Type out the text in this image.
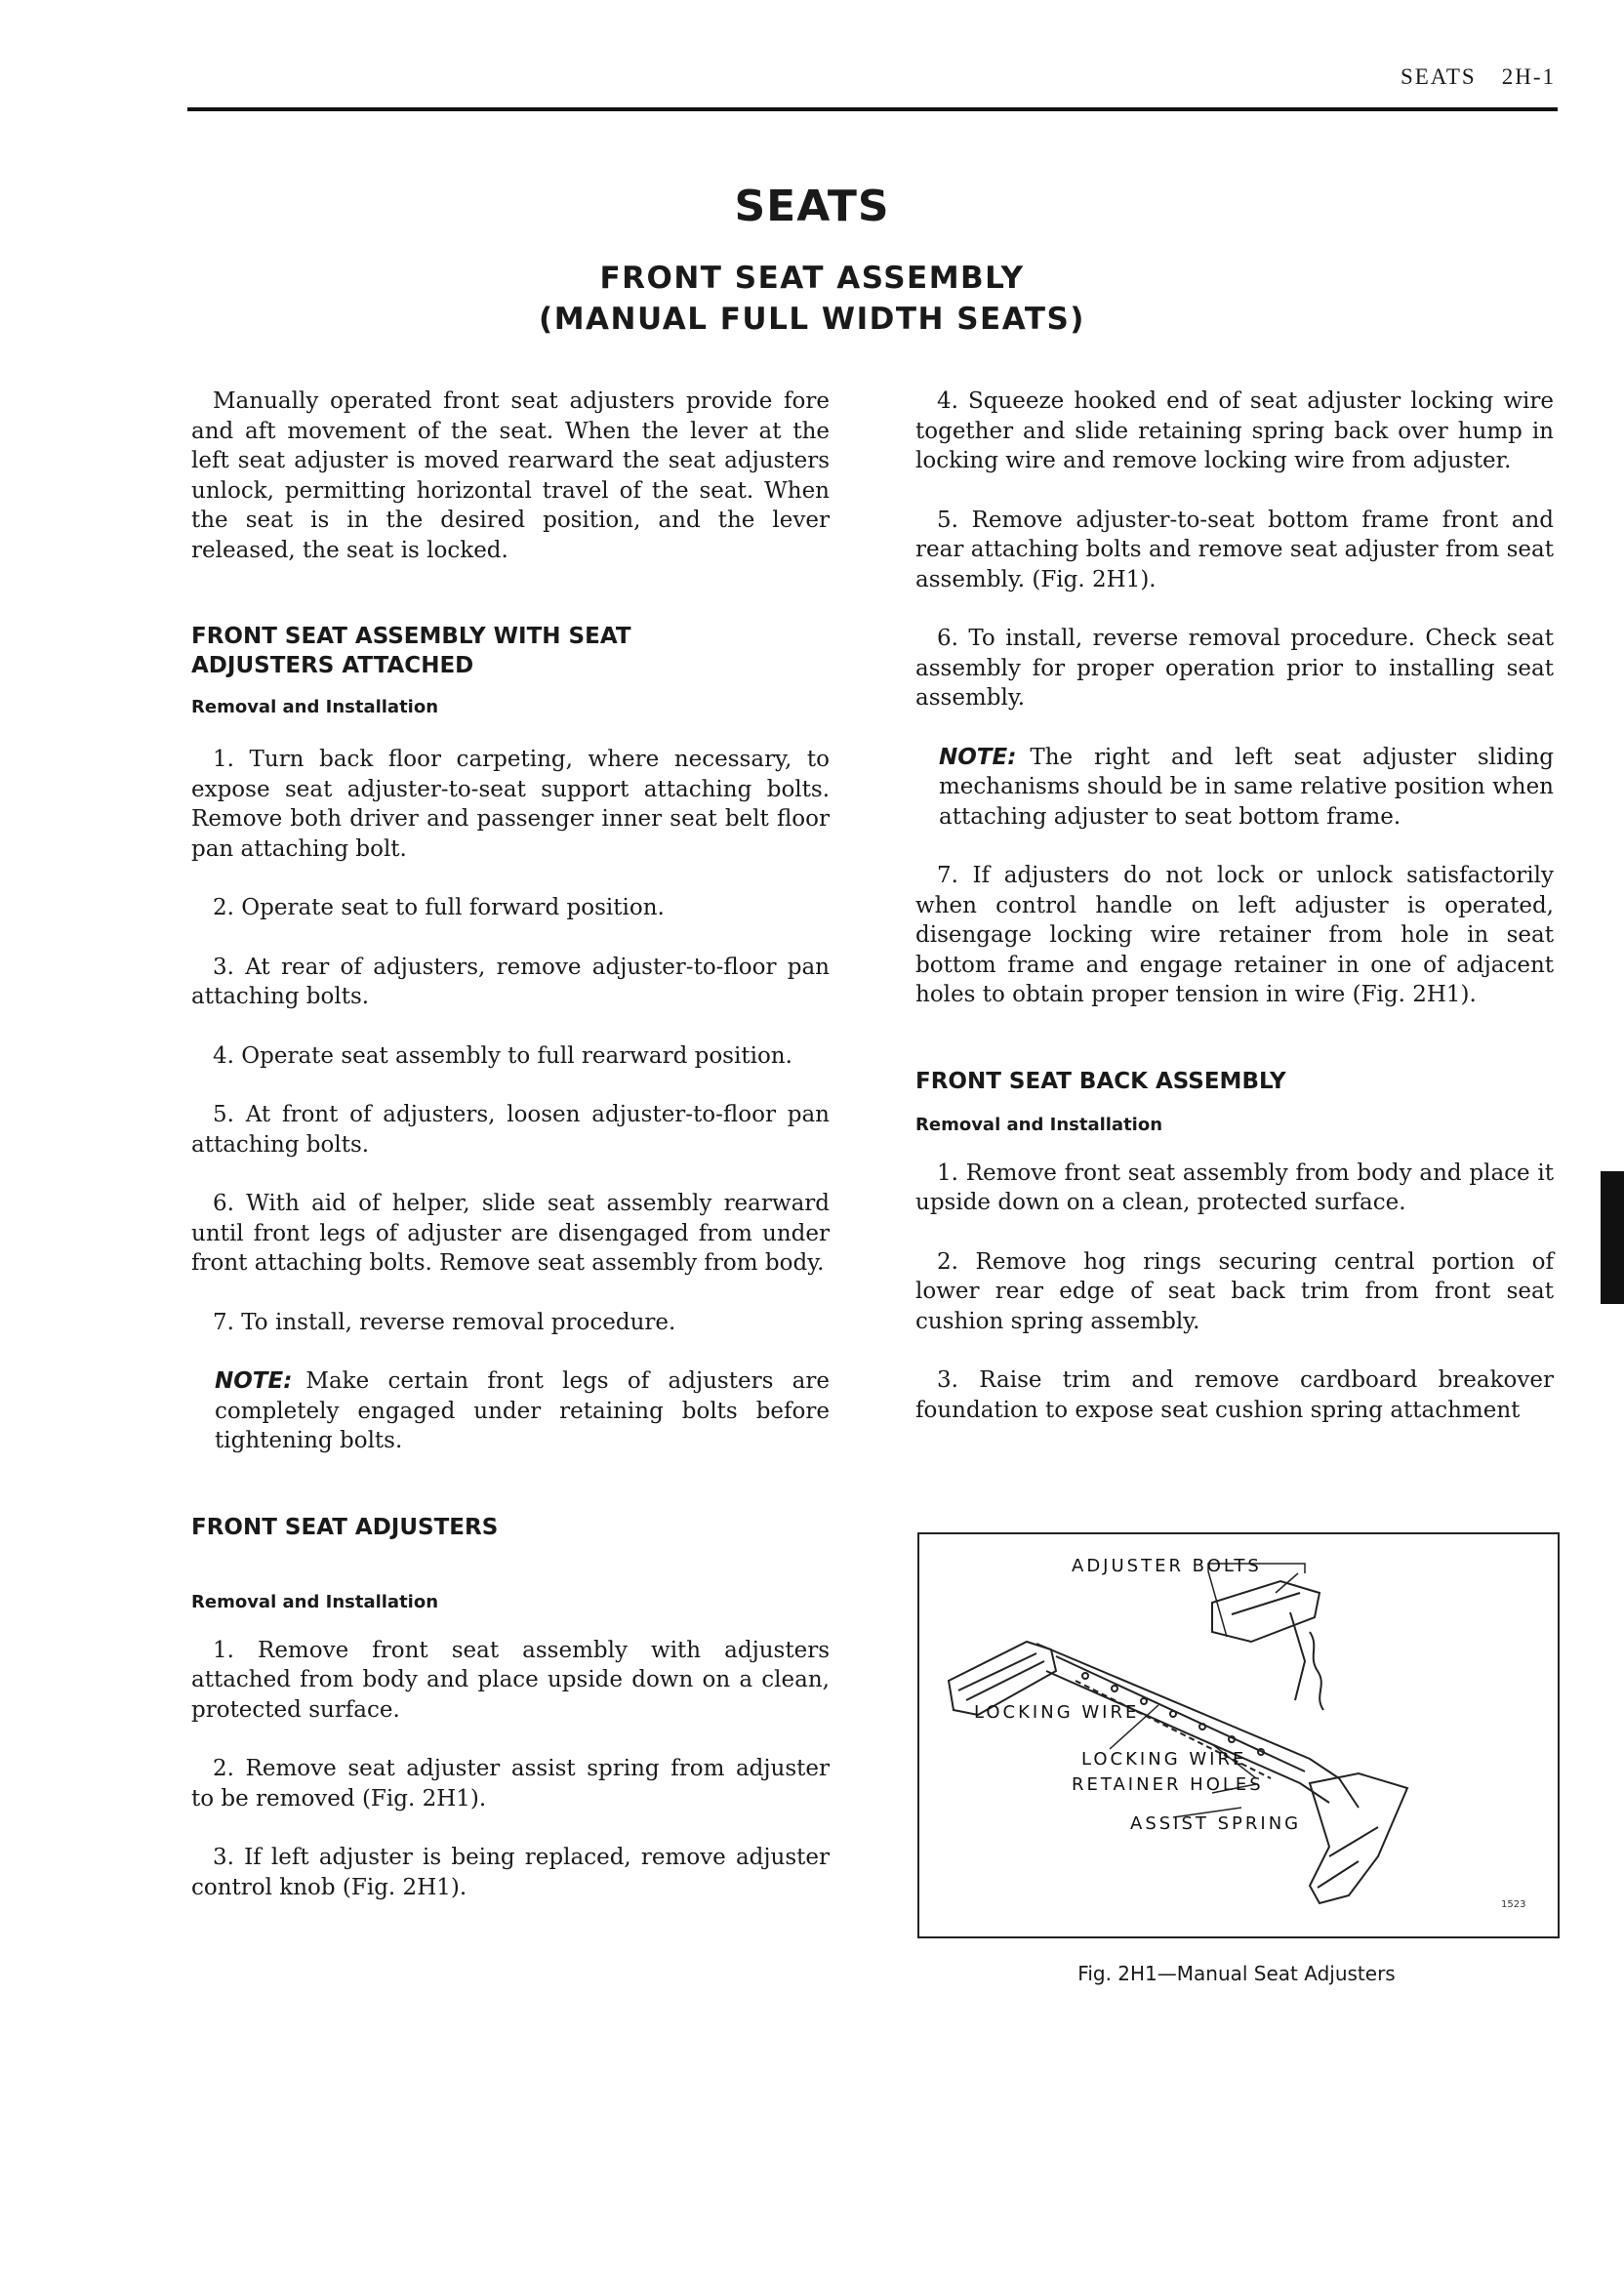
SEATS 2H-1
SEATS
FRONT SEAT ASSEMBLY
(MANUAL FULL WIDTH SEATS)

Manually operated front seat adjusters provide fore and aft movement of the seat. When the lever at the left seat adjuster is moved rearward the seat adjusters unlock, permitting horizontal travel of the seat. When the seat is in the desired position, and the lever released, the seat is locked.

FRONT SEAT ASSEMBLY WITH SEAT ADJUSTERS ATTACHED
Removal and Installation

1. Turn back floor carpeting, where necessary, to expose seat adjuster-to-seat support attaching bolts. Remove both driver and passenger inner seat belt floor pan attaching bolt.

2. Operate seat to full forward position.

3. At rear of adjusters, remove adjuster-to-floor pan attaching bolts.

4. Operate seat assembly to full rearward position.

5. At front of adjusters, loosen adjuster-to-floor pan attaching bolts.

6. With aid of helper, slide seat assembly rearward until front legs of adjuster are disengaged from under front attaching bolts. Remove seat assembly from body.

7. To install, reverse removal procedure.

NOTE: Make certain front legs of adjusters are completely engaged under retaining bolts before tightening bolts.

FRONT SEAT ADJUSTERS
Removal and Installation

1. Remove front seat assembly with adjusters attached from body and place upside down on a clean, protected surface.

2. Remove seat adjuster assist spring from adjuster to be removed (Fig. 2H1).

3. If left adjuster is being replaced, remove adjuster control knob (Fig. 2H1).

4. Squeeze hooked end of seat adjuster locking wire together and slide retaining spring back over hump in locking wire and remove locking wire from adjuster.

5. Remove adjuster-to-seat bottom frame front and rear attaching bolts and remove seat adjuster from seat assembly. (Fig. 2H1).

6. To install, reverse removal procedure. Check seat assembly for proper operation prior to installing seat assembly.

NOTE: The right and left seat adjuster sliding mechanisms should be in same relative position when attaching adjuster to seat bottom frame.

7. If adjusters do not lock or unlock satisfactorily when control handle on left adjuster is operated, disengage locking wire retainer from hole in seat bottom frame and engage retainer in one of adjacent holes to obtain proper tension in wire (Fig. 2H1).

FRONT SEAT BACK ASSEMBLY
Removal and Installation

1. Remove front seat assembly from body and place it upside down on a clean, protected surface.

2. Remove hog rings securing central portion of lower rear edge of seat back trim from front seat cushion spring assembly.

3. Raise trim and remove cardboard breakover foundation to expose seat cushion spring attachment

ADJUSTER BOLTS
LOCKING WIRE
LOCKING WIRE
RETAINER HOLES
ASSIST SPRING
1523
Fig. 2H1—Manual Seat Adjusters
